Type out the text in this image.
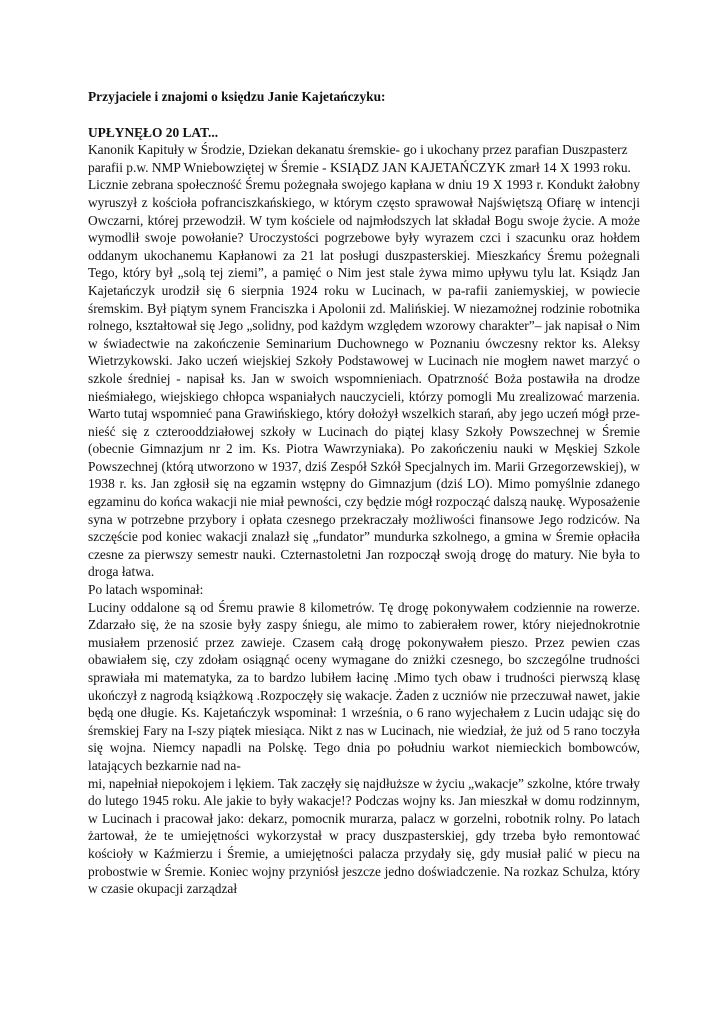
Przyjaciele i znajomi o księdzu Janie Kajetańczyku:

UPŁYNĘŁO 20 LAT...

Kanonik Kapituły w Środzie, Dziekan dekanatu śremskie- go i ukochany przez parafian Duszpasterz parafii p.w. NMP Wniebowziętej w Śremie - KSIĄDZ JAN KAJETAŃCZYK zmarł 14 X 1993 roku.

Licznie zebrana społeczność Śremu pożegnała swojego kapłana w dniu 19 X 1993 r. Kondukt żałobny wyruszył z kościoła pofranciszkańskiego, w którym często sprawował Najświętszą Ofiarę w intencji Owczarni, której przewodził. W tym kościele od najmłodszych lat składał Bogu swoje życie. A może wymodlił swoje powołanie? Uroczystości pogrzebowe były wyrazem czci i szacunku oraz hołdem oddanym ukochanemu Kapłanowi za 21 lat posługi duszpasterskiej. Mieszkańcy Śremu pożegnali Tego, który był „solą tej ziemi”, a pamięć o Nim jest stale żywa mimo upływu tylu lat. Ksiądz Jan Kajetańczyk urodził się 6 sierpnia 1924 roku w Lucinach, w pa-rafii zaniemyskiej, w powiecie śremskim. Był piątym synem Franciszka i Apolonii zd. Malińskiej. W niezamożnej rodzinie robotnika rolnego, kształtował się Jego „solidny, pod każdym względem wzorowy charakter”– jak napisał o Nim w świadectwie na zakończenie Seminarium Duchownego w Poznaniu ówczesny rektor ks. Aleksy Wietrzykowski. Jako uczeń wiejskiej Szkoły Podstawowej w Lucinach nie mogłem nawet marzyć o szkole średniej - napisał ks. Jan w swoich wspomnieniach. Opatrzność Boża postawiła na drodze nieśmiałego, wiejskiego chłopca wspaniałych nauczycieli, którzy pomogli Mu zrealizować marzenia. Warto tutaj wspomnieć pana Grawińskiego, który dołożył wszelkich starań, aby jego uczeń mógł prze-nieść się z czterooddziałowej szkoły w Lucinach do piątej klasy Szkoły Powszechnej w Śremie (obecnie Gimnazjum nr 2 im. Ks. Piotra Wawrzyniaka). Po zakończeniu nauki w Męskiej Szkole Powszechnej (którą utworzono w 1937, dziś Zespół Szkół Specjalnych im. Marii Grzegorzewskiej), w 1938 r. ks. Jan zgłosił się na egzamin wstępny do Gimnazjum (dziś LO). Mimo pomyślnie zdanego egzaminu do końca wakacji nie miał pewności, czy będzie mógł rozpocząć dalszą naukę. Wyposażenie syna w potrzebne przybory i opłata czesnego przekraczały możliwości finansowe Jego rodziców. Na szczęście pod koniec wakacji znalazł się „fundator” mundurka szkolnego, a gmina w Śremie opłaciła czesne za pierwszy semestr nauki. Czternastoletni Jan rozpoczął swoją drogę do matury. Nie była to droga łatwa.

Po latach wspominał:

Luciny oddalone są od Śremu prawie 8 kilometrów. Tę drogę pokonywałem codziennie na rowerze. Zdarzało się, że na szosie były zaspy śniegu, ale mimo to zabierałem rower, który niejednokrotnie musiałem przenosić przez zawieje. Czasem całą drogę pokonywałem pieszo. Przez pewien czas obawiałem się, czy zdołam osiągnąć oceny wymagane do zniżki czesnego, bo szczególne trudności sprawiała mi matematyka, za to bardzo lubiłem łacinę .Mimo tych obaw i trudności pierwszą klasę ukończył z nagrodą książkową .Rozpoczęły się wakacje. Żaden z uczniów nie przeczuwał nawet, jakie będą one długie. Ks. Kajetańczyk wspominał: 1 września, o 6 rano wyjechałem z Lucin udając się do śremskiej Fary na I-szy piątek miesiąca. Nikt z nas w Lucinach, nie wiedział, że już od 5 rano toczyła się wojna. Niemcy napadli na Polskę. Tego dnia po południu warkot niemieckich bombowców, latających bezkarnie nad na-

mi, napełniał niepokojem i lękiem. Tak zaczęły się najdłuższe w życiu „wakacje” szkolne, które trwały do lutego 1945 roku. Ale jakie to były wakacje!? Podczas wojny ks. Jan mieszkał w domu rodzinnym, w Lucinach i pracował jako: dekarz, pomocnik murarza, palacz w gorzelni, robotnik rolny. Po latach żartował, że te umiejętności wykorzystał w pracy duszpasterskiej, gdy trzeba było remontować kościoły w Kaźmierzu i Śremie, a umiejętności palacza przydały się, gdy musiał palić w piecu na probostwie w Śremie. Koniec wojny przyniósł jeszcze jedno doświadczenie. Na rozkaz Schulza, który w czasie okupacji zarządzał
